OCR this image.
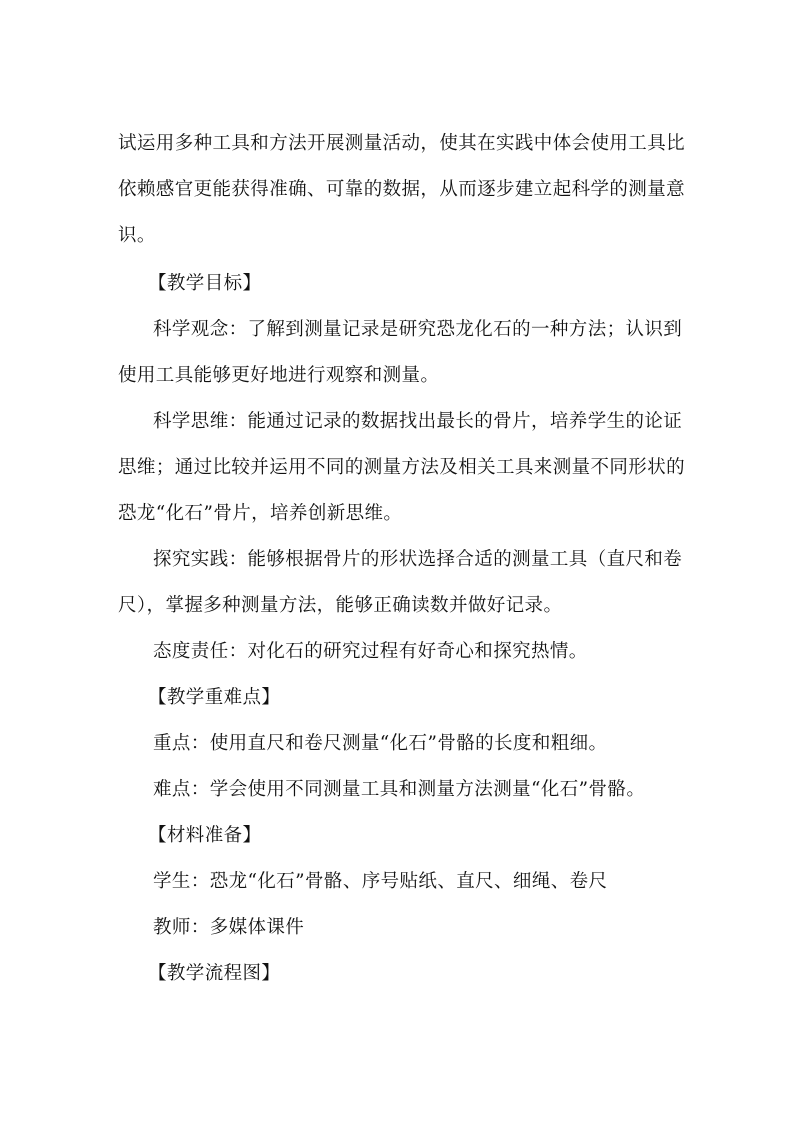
试运用多种工具和方法开展测量活动，使其在实践中体会使用工具比
依赖感官更能获得准确、可靠的数据，从而逐步建立起科学的测量意
识。
【教学目标】
科学观念：了解到测量记录是研究恐龙化石的一种方法；认识到
使用工具能够更好地进行观察和测量。
科学思维：能通过记录的数据找出最长的骨片，培养学生的论证
思维；通过比较并运用不同的测量方法及相关工具来测量不同形状的
恐龙“化石”骨片，培养创新思维。
探究实践：能够根据骨片的形状选择合适的测量工具（直尺和卷
尺），掌握多种测量方法，能够正确读数并做好记录。
态度责任：对化石的研究过程有好奇心和探究热情。
【教学重难点】
重点：使用直尺和卷尺测量“化石”骨骼的长度和粗细。
难点：学会使用不同测量工具和测量方法测量“化石”骨骼。
【材料准备】
学生：恐龙“化石”骨骼、序号贴纸、直尺、细绳、卷尺
教师：多媒体课件
【教学流程图】
